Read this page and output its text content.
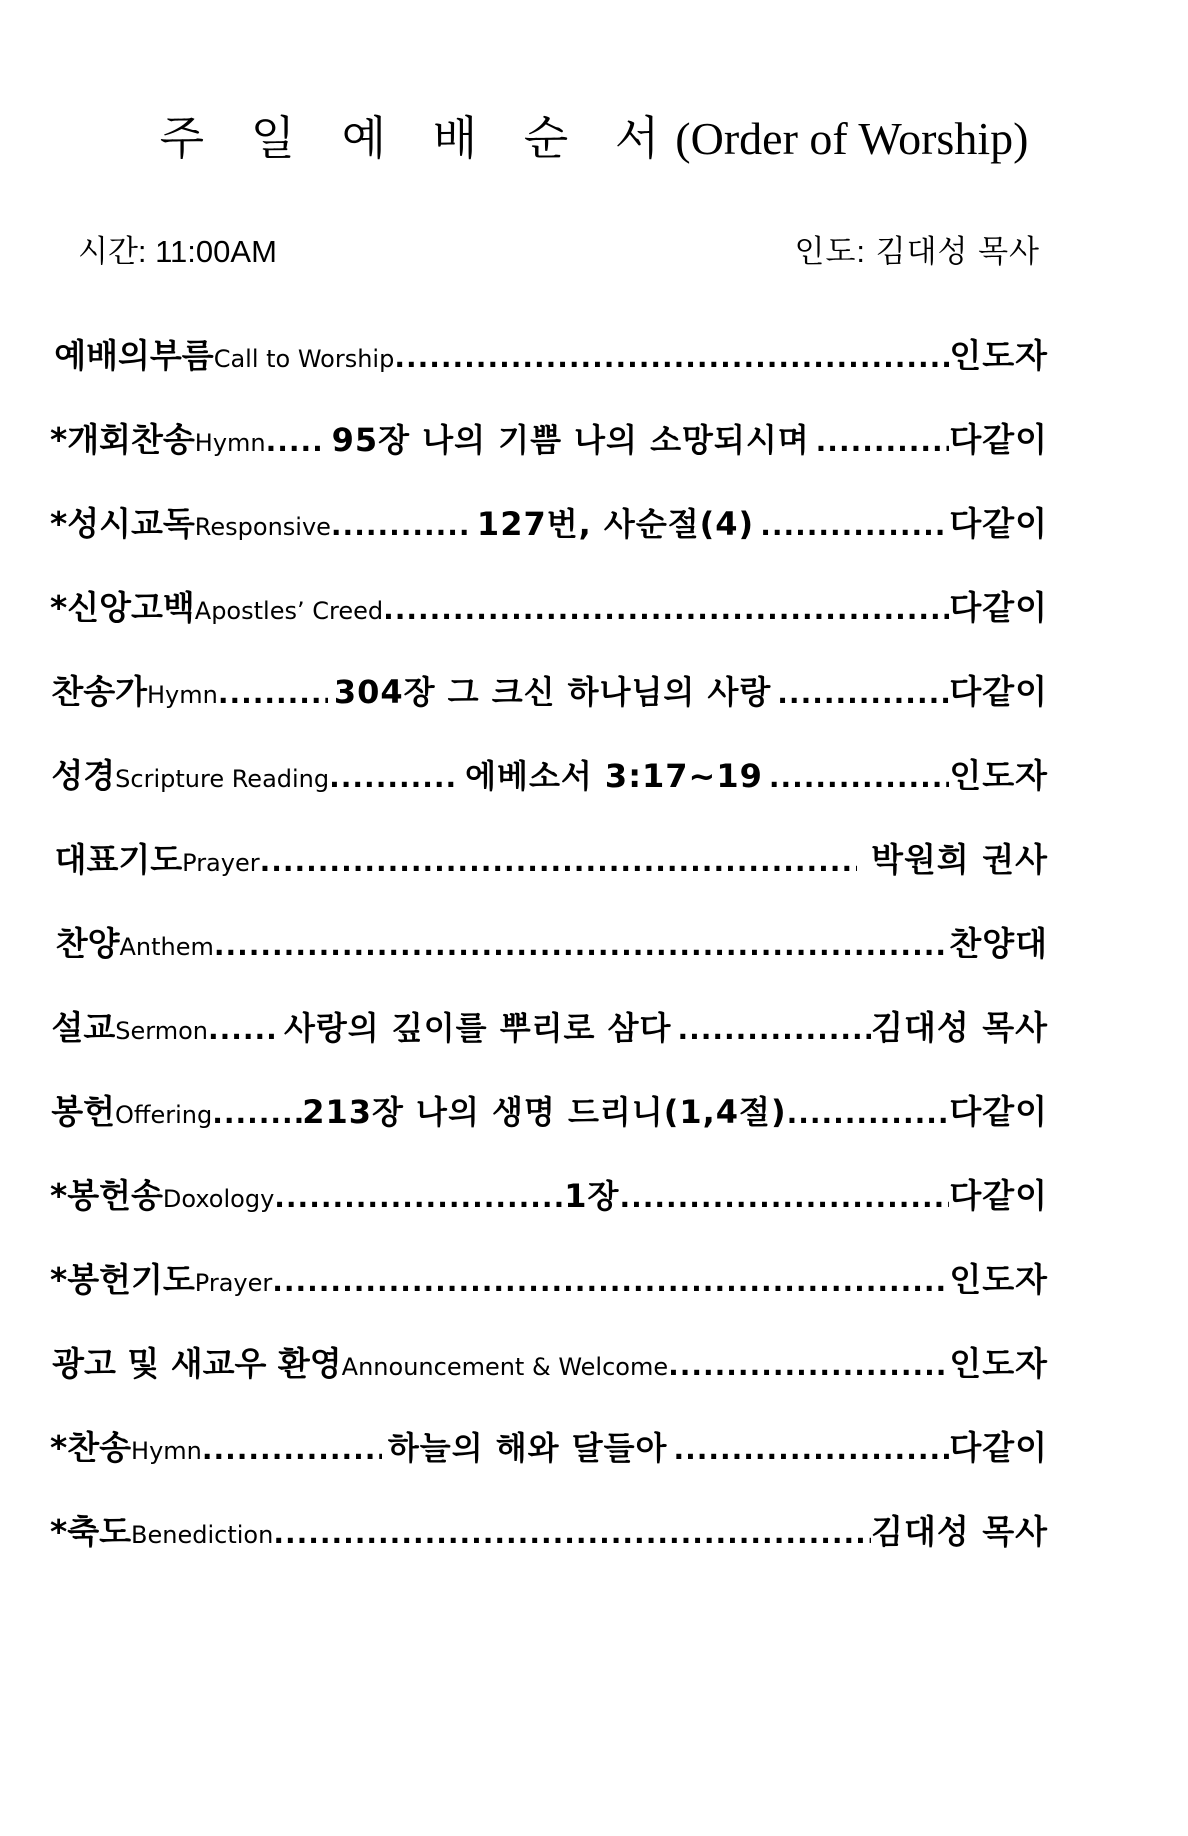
주 일 예 배 순 서(Order of Worship)
시간: 11:00AM	인도: 김대성 목사
예배의부름 Call to Worship .....	인도자
* 개회찬송 Hymn ..... 95장 나의 기쁨 나의 소망되시며 .....	다같이
* 성시교독 Responsive .....	127번, 사순절(4) .....	다같이
* 신앙고백 Apostles’ Creed .....	다같이
찬송가 Hymn .....	304장 그 크신 하나님의 사랑 .....	다같이
성경 Scripture Reading .....	에베소서 3:17~19 .....	인도자
대표기도 Prayer .....	박원희 권사
찬양 Anthem .....	찬양대
설교 Sermon ..... 사랑의 깊이를 뿌리로 삼다 .....	김대성 목사
봉헌 Offering .....	213장 나의 생명 드리니(1,4절) .....	다같이
* 봉헌송 Doxology .....	1장 .....	다같이
* 봉헌기도 Prayer .....	인도자
광고 및 새교우 환영 Announcement & Welcome .....	인도자
* 찬송 Hymn .....	하늘의 해와 달들아 .....	다같이
* 축도 Benediction .....	김대성 목사
